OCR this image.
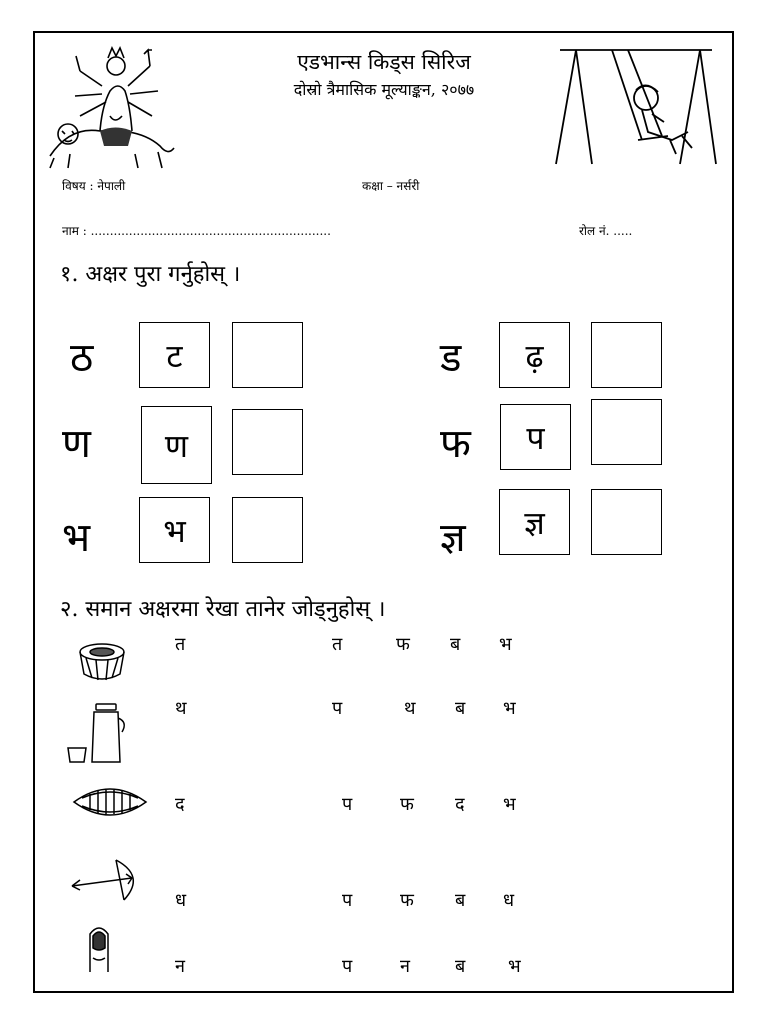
एडभान्स किड्स सिरिज
दोस्रो त्रैमासिक मूल्याङ्कन, २०७७
विषय : नेपाली	कक्षा – नर्सरी
नाम : ...............................................................	रोल नं. .....
१. अक्षर पुरा गर्नुहोस् ।
ठ	ट	ड	ढ़
ण	ण	फ	प
भ	भ	ज्ञ	ज्ञ
२. समान अक्षरमा रेखा तानेर जोड्नुहोस् ।
त	त	फ ब भ
थ	प	थ ब भ
द	प	फ द भ
ध	प	फ ब ध
न	प	न	ब भ
